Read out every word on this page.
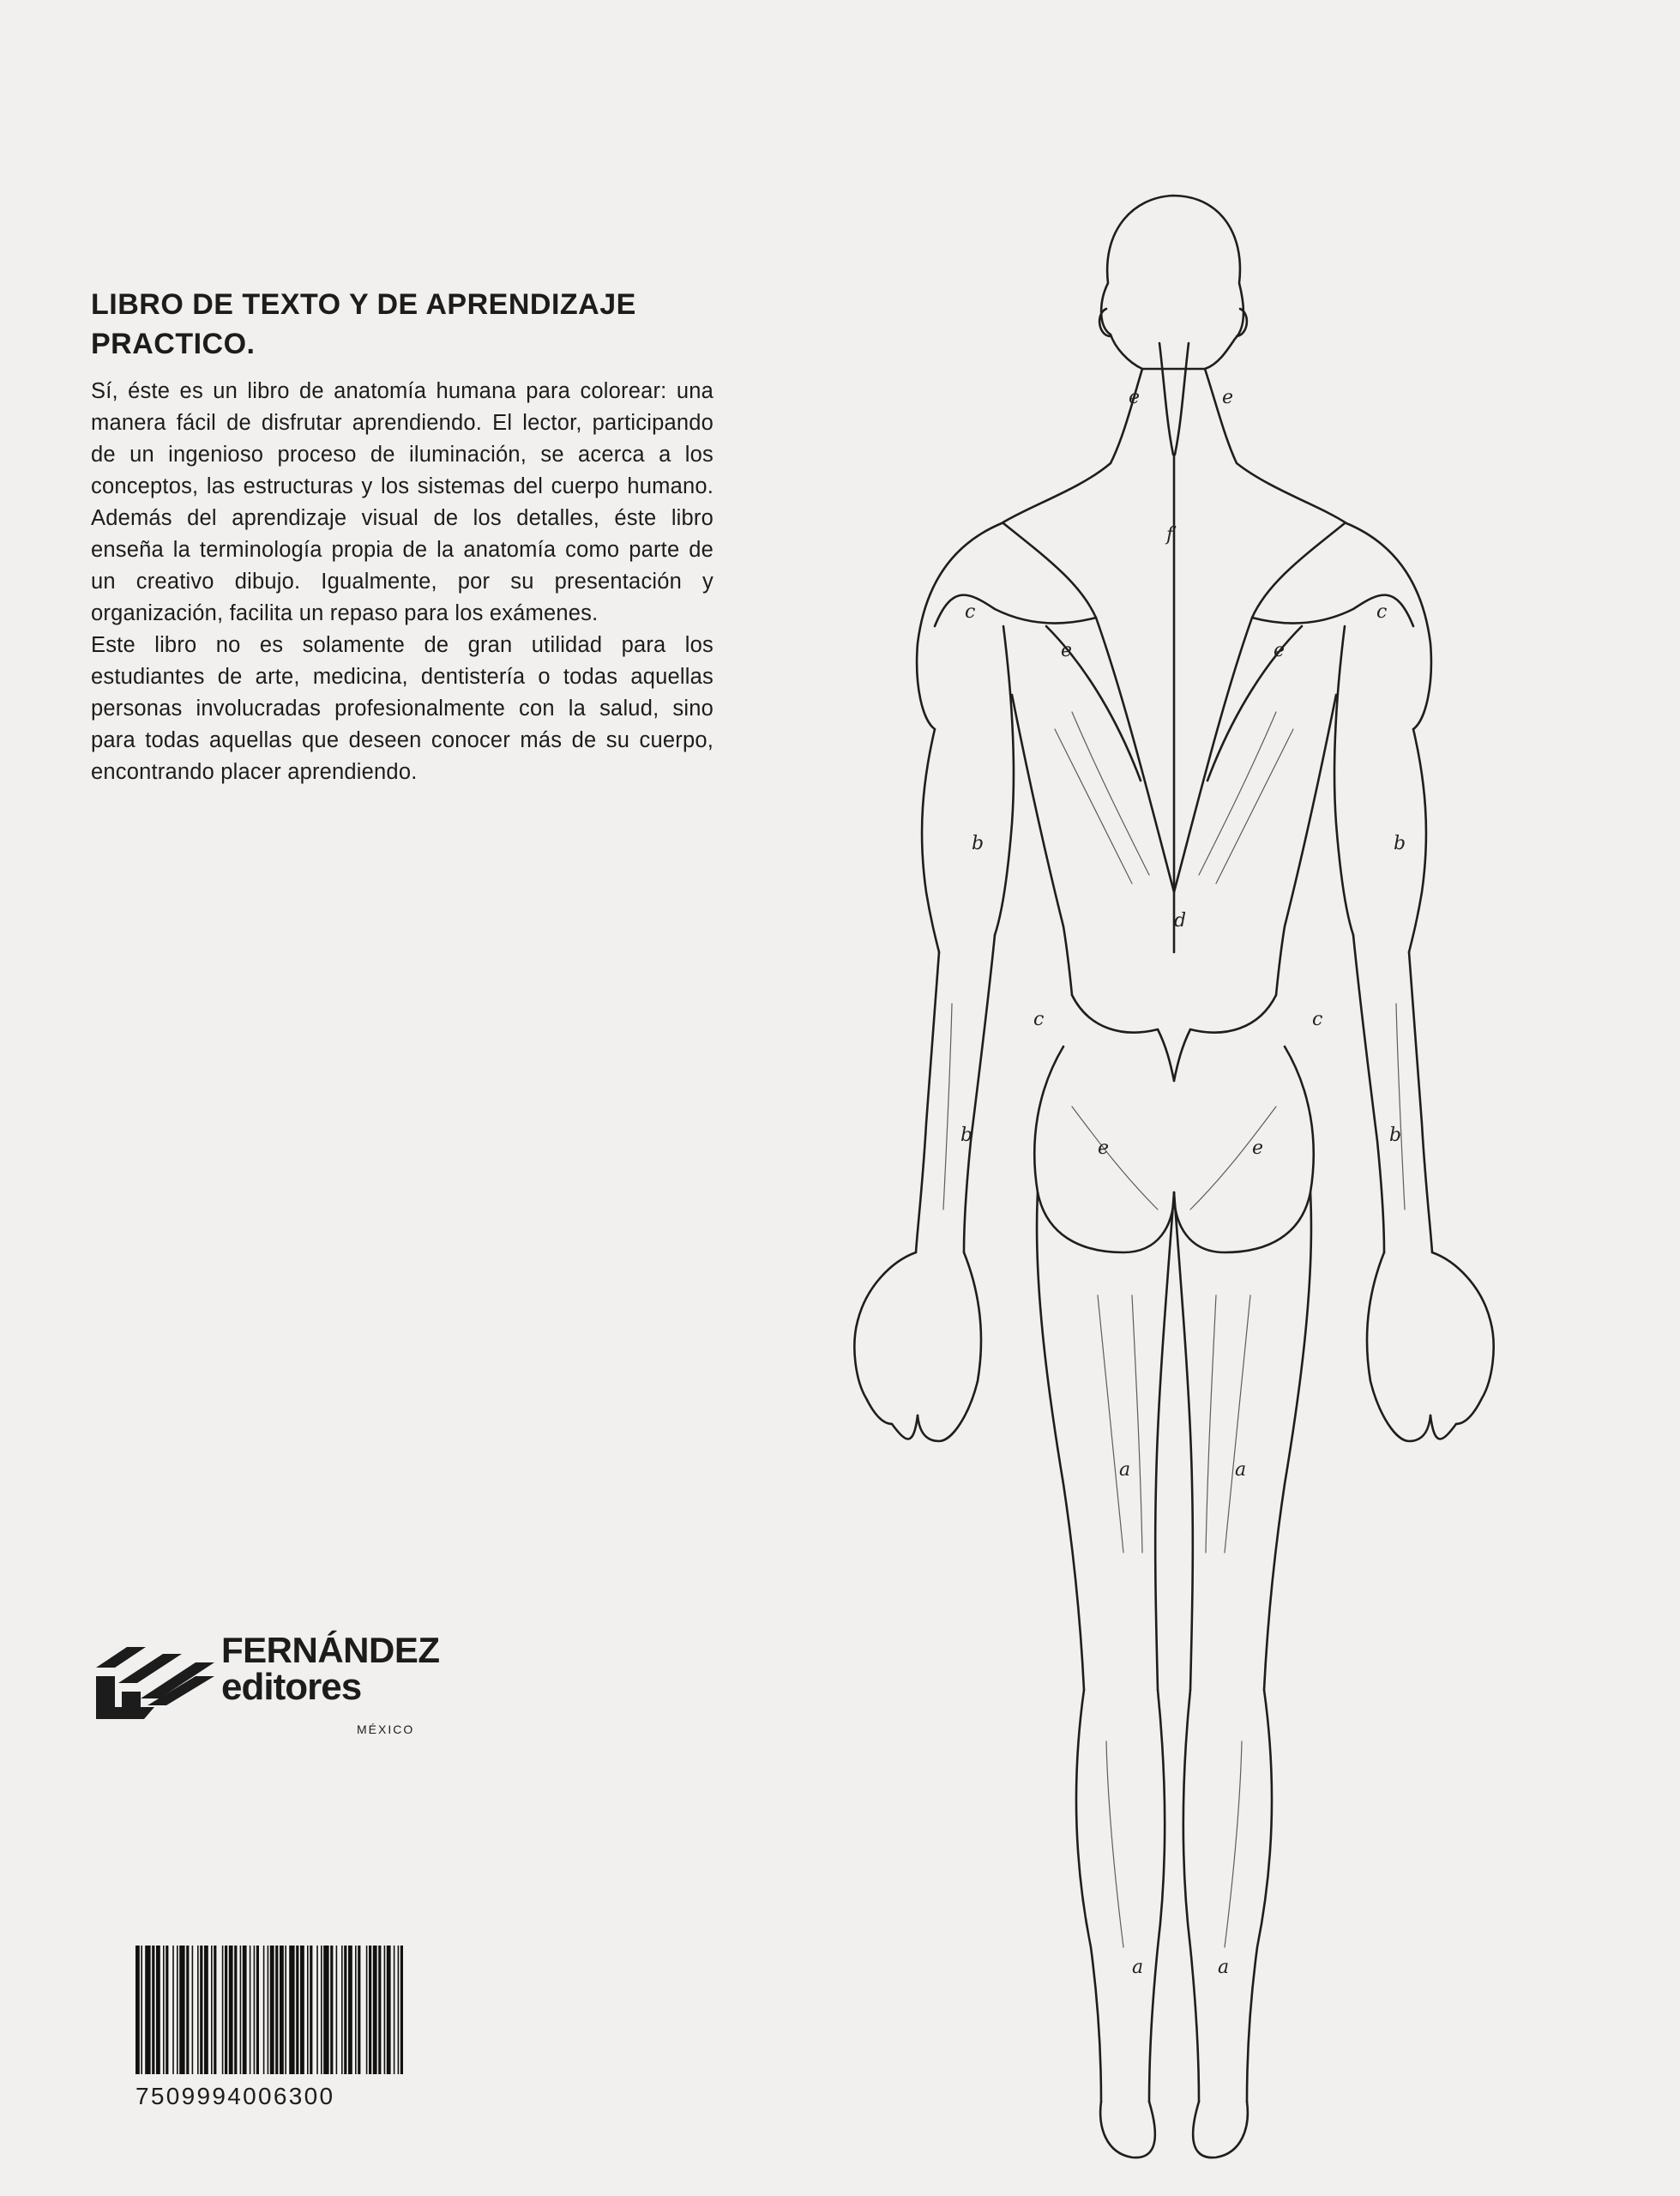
LIBRO DE TEXTO Y DE APRENDIZAJE
PRACTICO.

Sí, éste es un libro de anatomía humana para colorear: una manera fácil de disfrutar aprendiendo. El lector, participando de un ingenioso proceso de iluminación, se acerca a los conceptos, las estructuras y los sistemas del cuerpo humano. Además del aprendizaje visual de los detalles, éste libro enseña la terminología propia de la anatomía como parte de un creativo dibujo. Igualmente, por su presentación y organización, facilita un repaso para los exámenes.

Este libro no es solamente de gran utilidad para los estudiantes de arte, medicina, dentistería o todas aquellas personas involucradas profesionalmente con la salud, sino para todas aquellas que deseen conocer más de su cuerpo, encontrando placer aprendiendo.

FERNÁNDEZ
editores
MÉXICO
7509994006300
f
e	e
c	c
e	e
b	b
d
c	c
e	e
a	a
a	a
b	b
